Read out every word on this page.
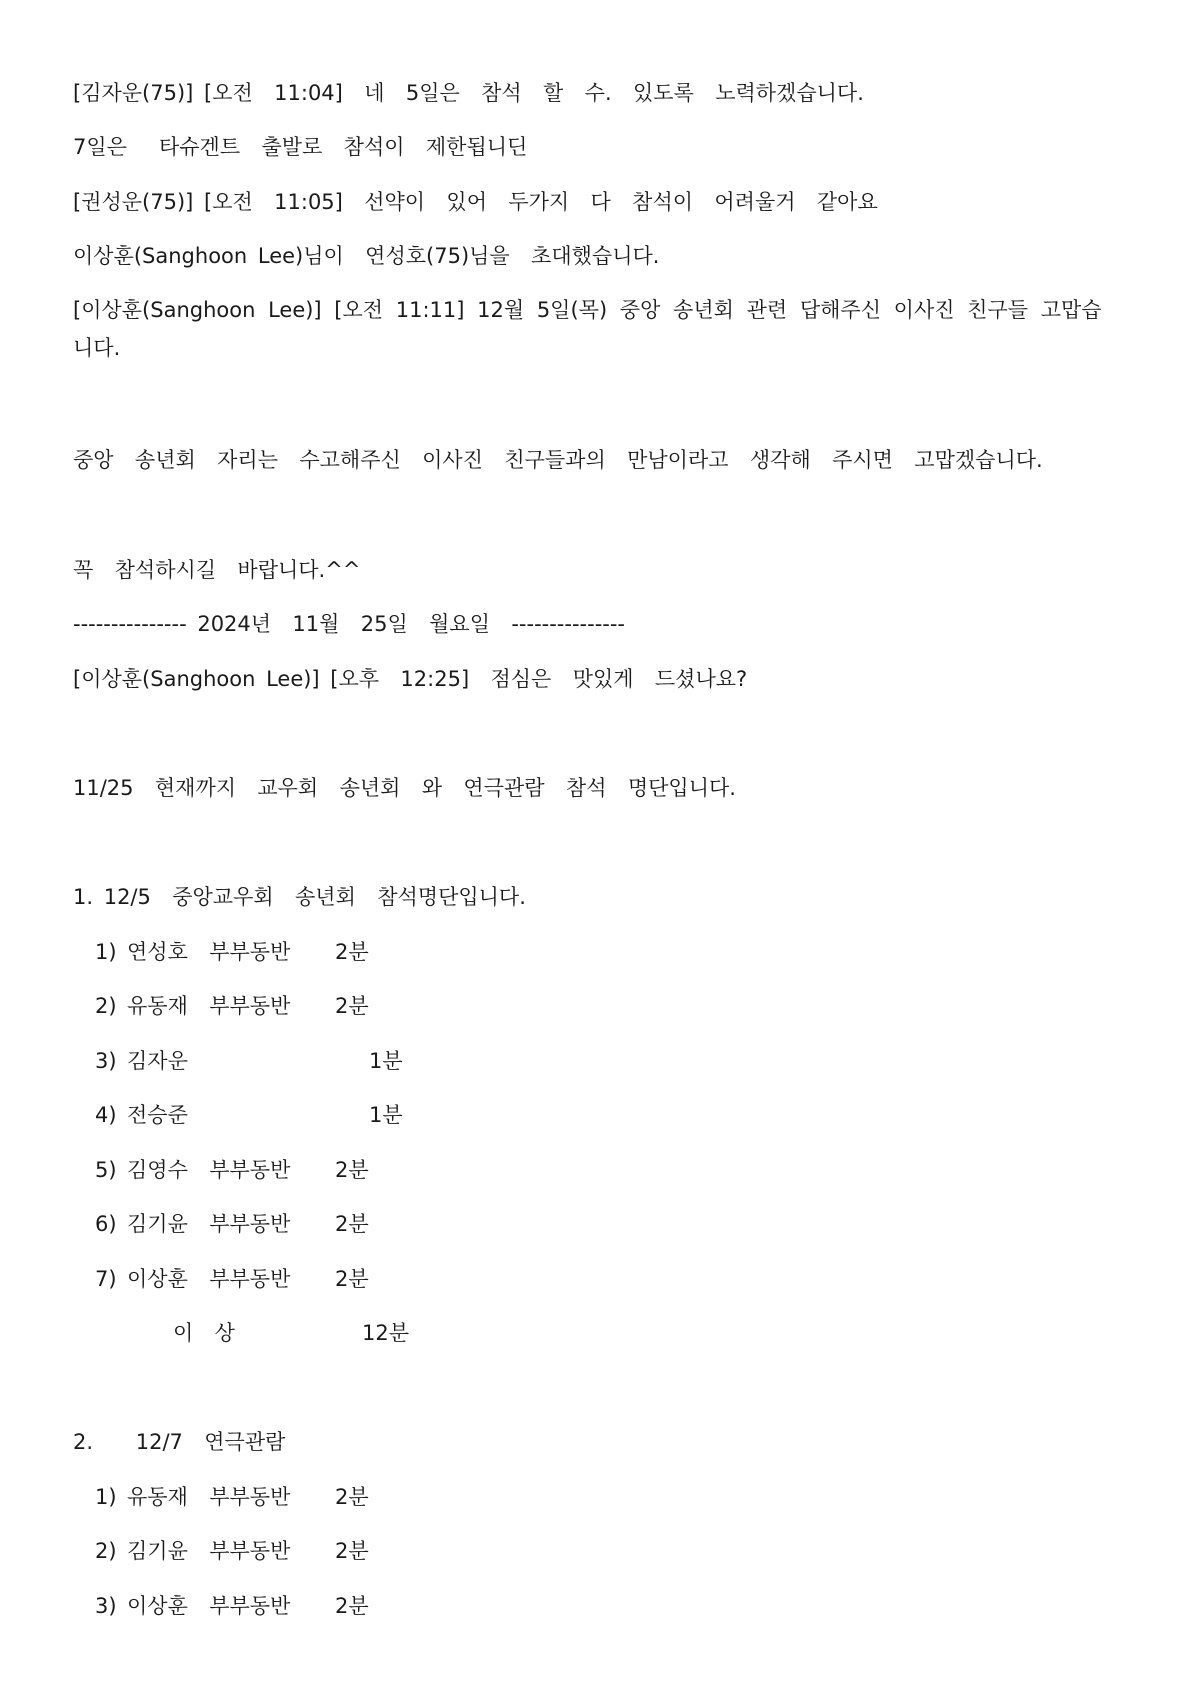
[김자운(75)] [오전  11:04]  네  5일은  참석  할  수.  있도록  노력하겠습니다.
7일은   타슈겐트  출발로  참석이  제한됩니딘
[권성운(75)] [오전  11:05]  선약이  있어  두가지  다  참석이  어려울거  같아요
이상훈(Sanghoon Lee)님이  연성호(75)님을  초대했습니다.
[이상훈(Sanghoon Lee)] [오전 11:11] 12월 5일(목) 중앙 송년회 관련 답해주신 이사진 친구들 고맙습니다.
중앙  송년회  자리는  수고해주신  이사진  친구들과의  만남이라고  생각해  주시면  고맙겠습니다.
꼭  참석하시길  바랍니다.^^
--------------- 2024년  11월  25일  월요일  ---------------
[이상훈(Sanghoon Lee)] [오후  12:25]  점심은  맛있게  드셨나요?
11/25  현재까지  교우회  송년회  와  연극관람  참석  명단입니다.
1. 12/5  중앙교우회  송년회  참석명단입니다.
1) 연성호  부부동반 2분
2) 유동재  부부동반 2분
3) 김자운	1분
4) 전승준	1분
5) 김영수  부부동반 2분
6) 김기윤  부부동반 2분
7) 이상훈  부부동반 2분
이  상	12분
2.    12/7  연극관람
1) 유동재  부부동반 2분
2) 김기윤  부부동반 2분
3) 이상훈  부부동반 2분
